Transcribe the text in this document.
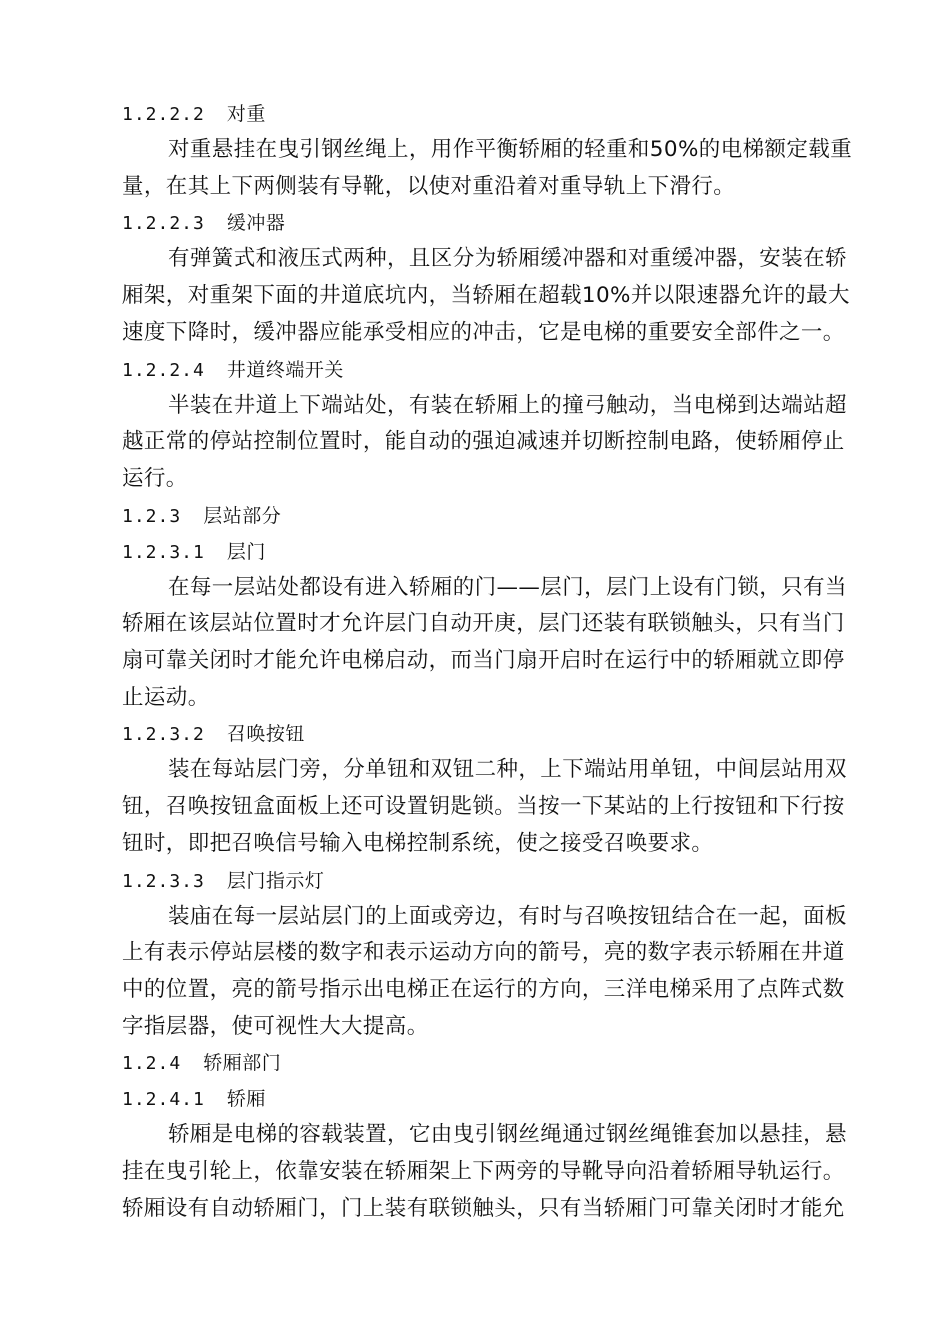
1.2.2.2 对重
对重悬挂在曳引钢丝绳上，用作平衡轿厢的轻重和50%的电梯额定载重
量，在其上下两侧装有导靴，以使对重沿着对重导轨上下滑行。
1.2.2.3 缓冲器
有弹簧式和液压式两种，且区分为轿厢缓冲器和对重缓冲器，安装在轿
厢架，对重架下面的井道底坑内，当轿厢在超载10%并以限速器允许的最大
速度下降时，缓冲器应能承受相应的冲击，它是电梯的重要安全部件之一。
1.2.2.4 井道终端开关
半装在井道上下端站处，有装在轿厢上的撞弓触动，当电梯到达端站超
越正常的停站控制位置时，能自动的强迫减速并切断控制电路，使轿厢停止
运行。
1.2.3 层站部分
1.2.3.1 层门
在每一层站处都设有进入轿厢的门——层门，层门上设有门锁，只有当
轿厢在该层站位置时才允许层门自动开庚，层门还装有联锁触头，只有当门
扇可靠关闭时才能允许电梯启动，而当门扇开启时在运行中的轿厢就立即停
止运动。
1.2.3.2 召唤按钮
装在每站层门旁，分单钮和双钮二种，上下端站用单钮，中间层站用双
钮，召唤按钮盒面板上还可设置钥匙锁。当按一下某站的上行按钮和下行按
钮时，即把召唤信号输入电梯控制系统，使之接受召唤要求。
1.2.3.3 层门指示灯
装庙在每一层站层门的上面或旁边，有时与召唤按钮结合在一起，面板
上有表示停站层楼的数字和表示运动方向的箭号，亮的数字表示轿厢在井道
中的位置，亮的箭号指示出电梯正在运行的方向，三洋电梯采用了点阵式数
字指层器，使可视性大大提高。
1.2.4 轿厢部门
1.2.4.1 轿厢
轿厢是电梯的容载装置，它由曳引钢丝绳通过钢丝绳锥套加以悬挂，悬
挂在曳引轮上，依靠安装在轿厢架上下两旁的导靴导向沿着轿厢导轨运行。
轿厢设有自动轿厢门，门上装有联锁触头，只有当轿厢门可靠关闭时才能允
